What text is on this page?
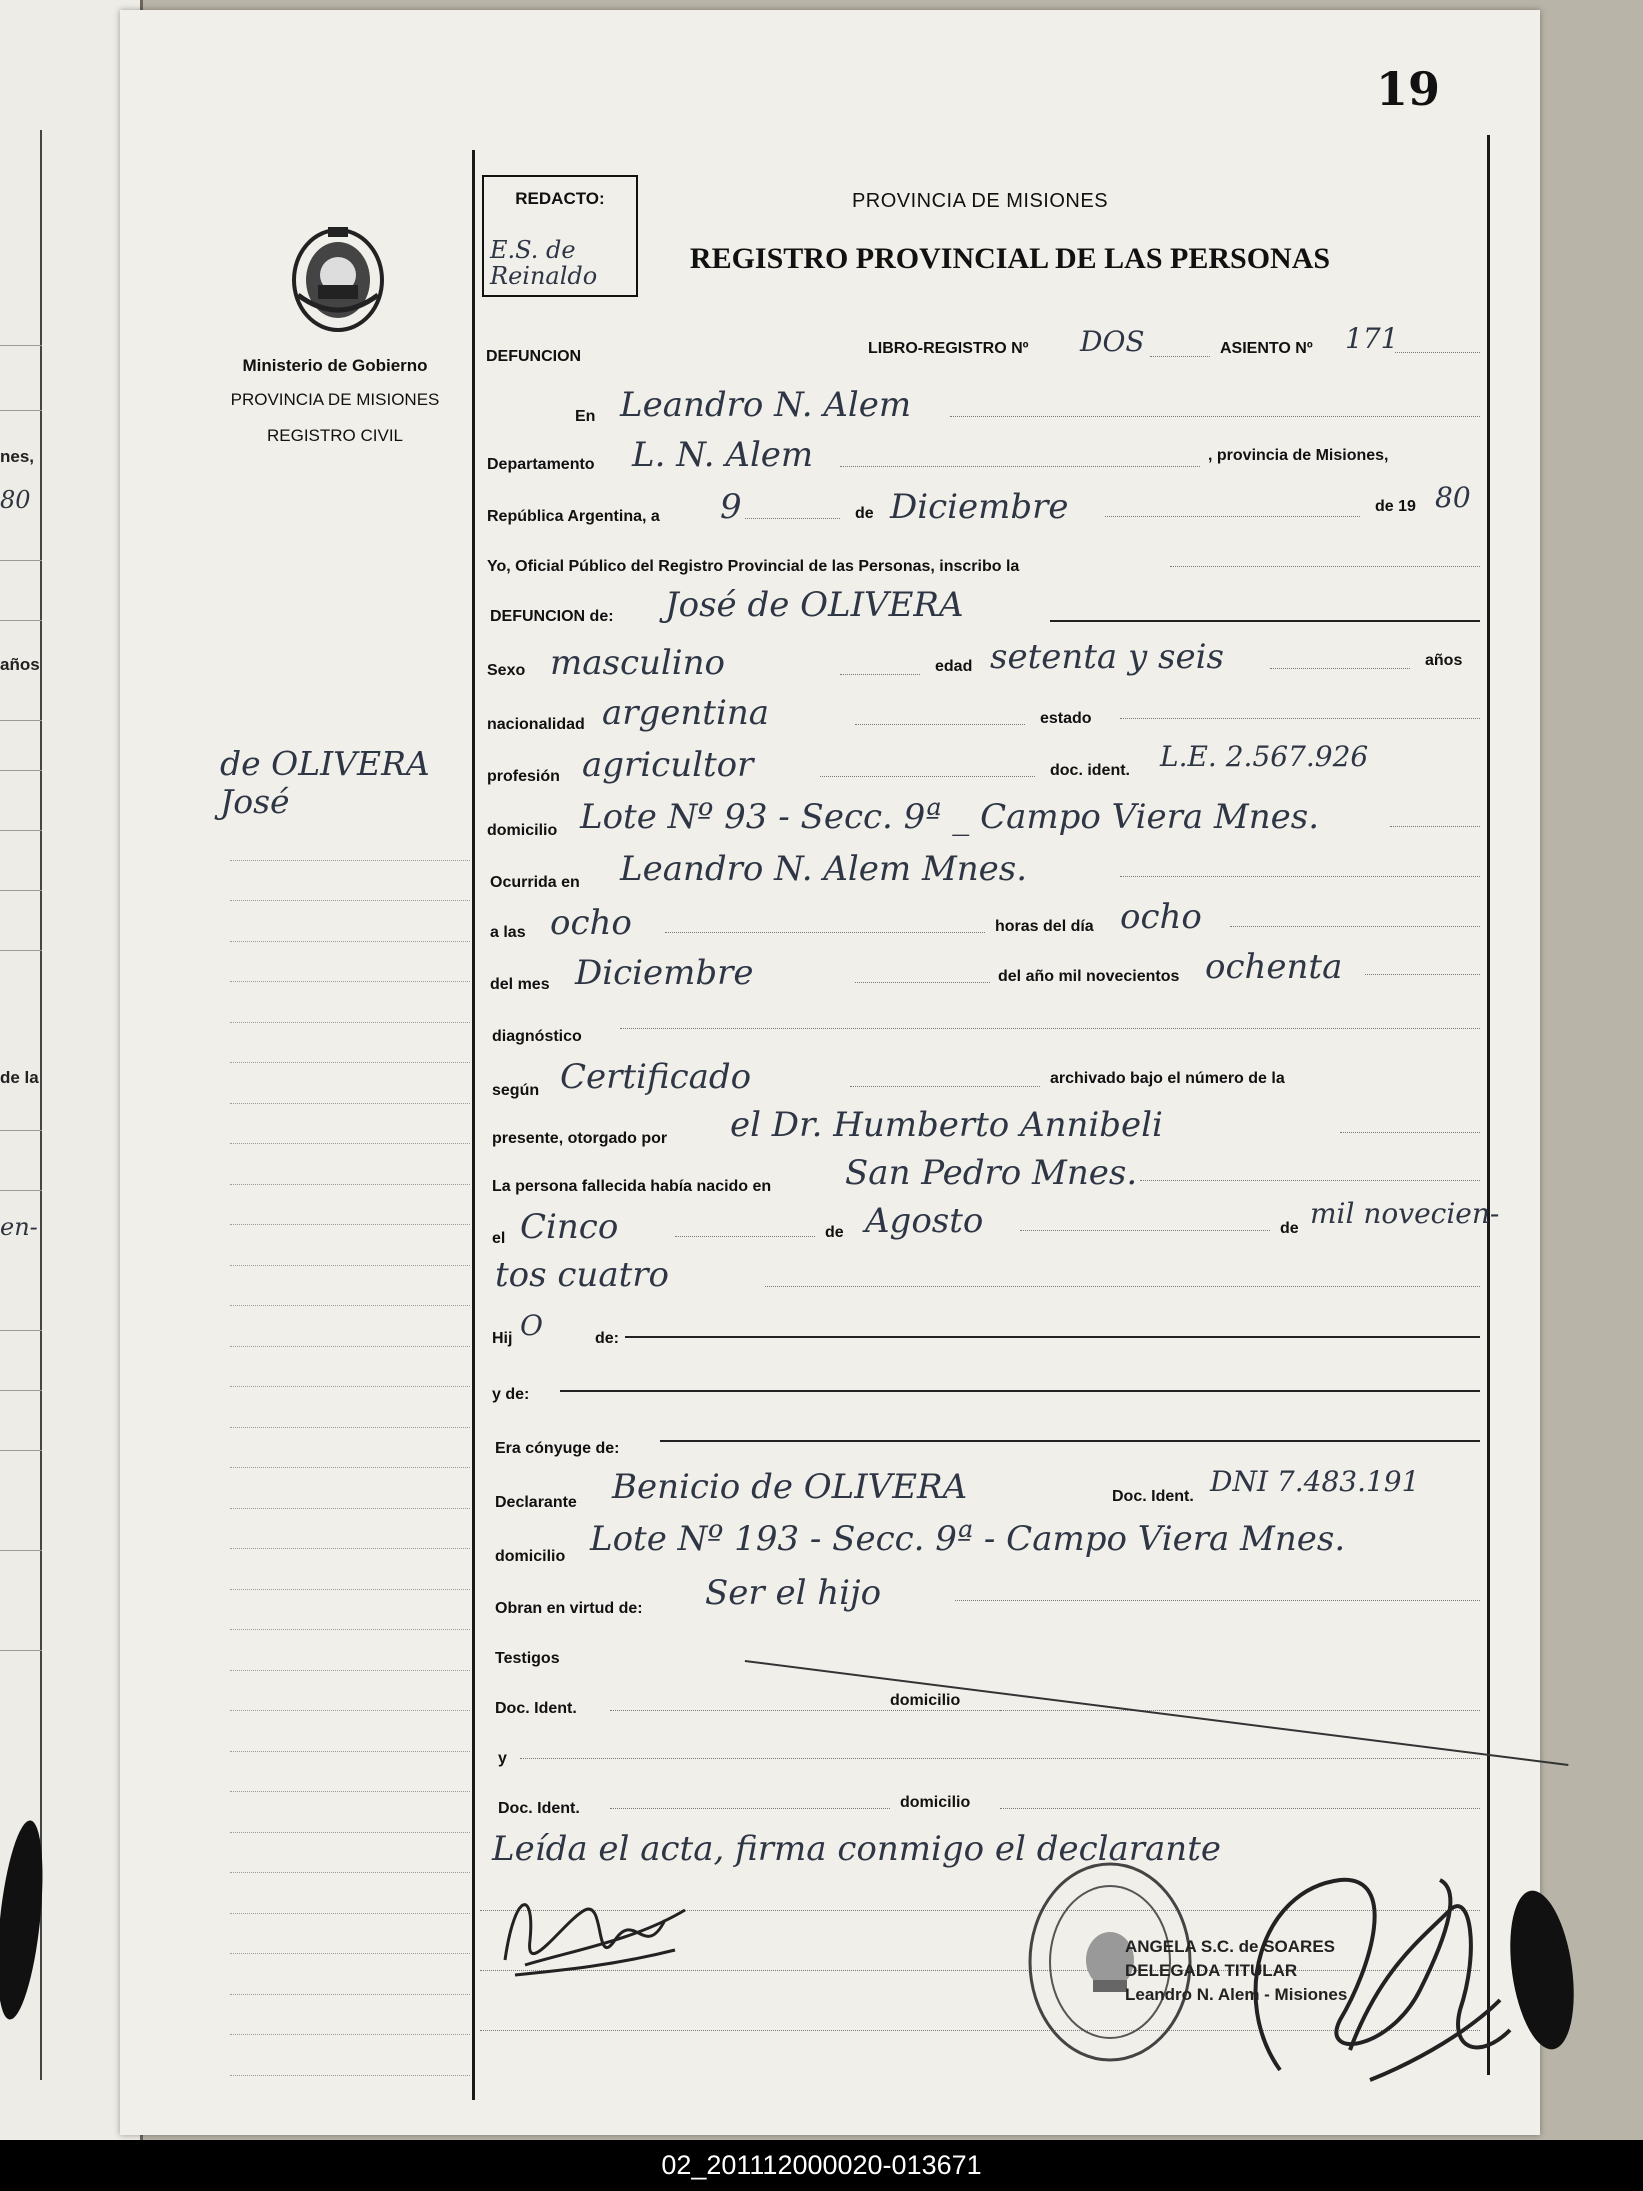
nes,
80
años
de la
en-
19
Ministerio de Gobierno
PROVINCIA DE MISIONES
REGISTRO CIVIL
de OLIVERA
José
REDACTO:
E.S. de Reinaldo
PROVINCIA DE MISIONES
REGISTRO PROVINCIAL DE LAS PERSONAS
DEFUNCION	LIBRO-REGISTRO Nº DOS	ASIENTO Nº 171
En Leandro N. Alem
Departamento L. N. Alem	, provincia de Misiones,
República Argentina, a 9	de Diciembre	de 19 80
Yo, Oficial Público del Registro Provincial de las Personas, inscribo la
DEFUNCION de: José de OLIVERA
Sexo masculino	edad setenta y seis	años
nacionalidad argentina	estado
profesión agricultor	doc. ident. L.E. 2.567.926
domicilio Lote Nº 93 - Secc. 9ª _ Campo Viera Mnes.
Ocurrida en Leandro N. Alem Mnes.
a las ocho	horas del día ocho
del mes Diciembre	del año mil novecientos ochenta
diagnóstico
según Certificado	archivado bajo el número de la
presente, otorgado por el Dr. Humberto Annibeli
La persona fallecida había nacido en San Pedro Mnes.
el Cinco	de Agosto	de mil novecien-
tos cuatro
Hij O	de:
y de:
Era cónyuge de:
Declarante Benicio de OLIVERA	Doc. Ident. DNI 7.483.191
domicilio Lote Nº 193 - Secc. 9ª - Campo Viera Mnes.
Obran en virtud de: Ser el hijo
Testigos
Doc. Ident.	domicilio
y
Doc. Ident.	domicilio
Leída el acta, firma conmigo el declarante
ANGELA S.C. de SOARES
DELEGADA TITULAR
Leandro N. Alem - Misiones
02_201112000020-013671
